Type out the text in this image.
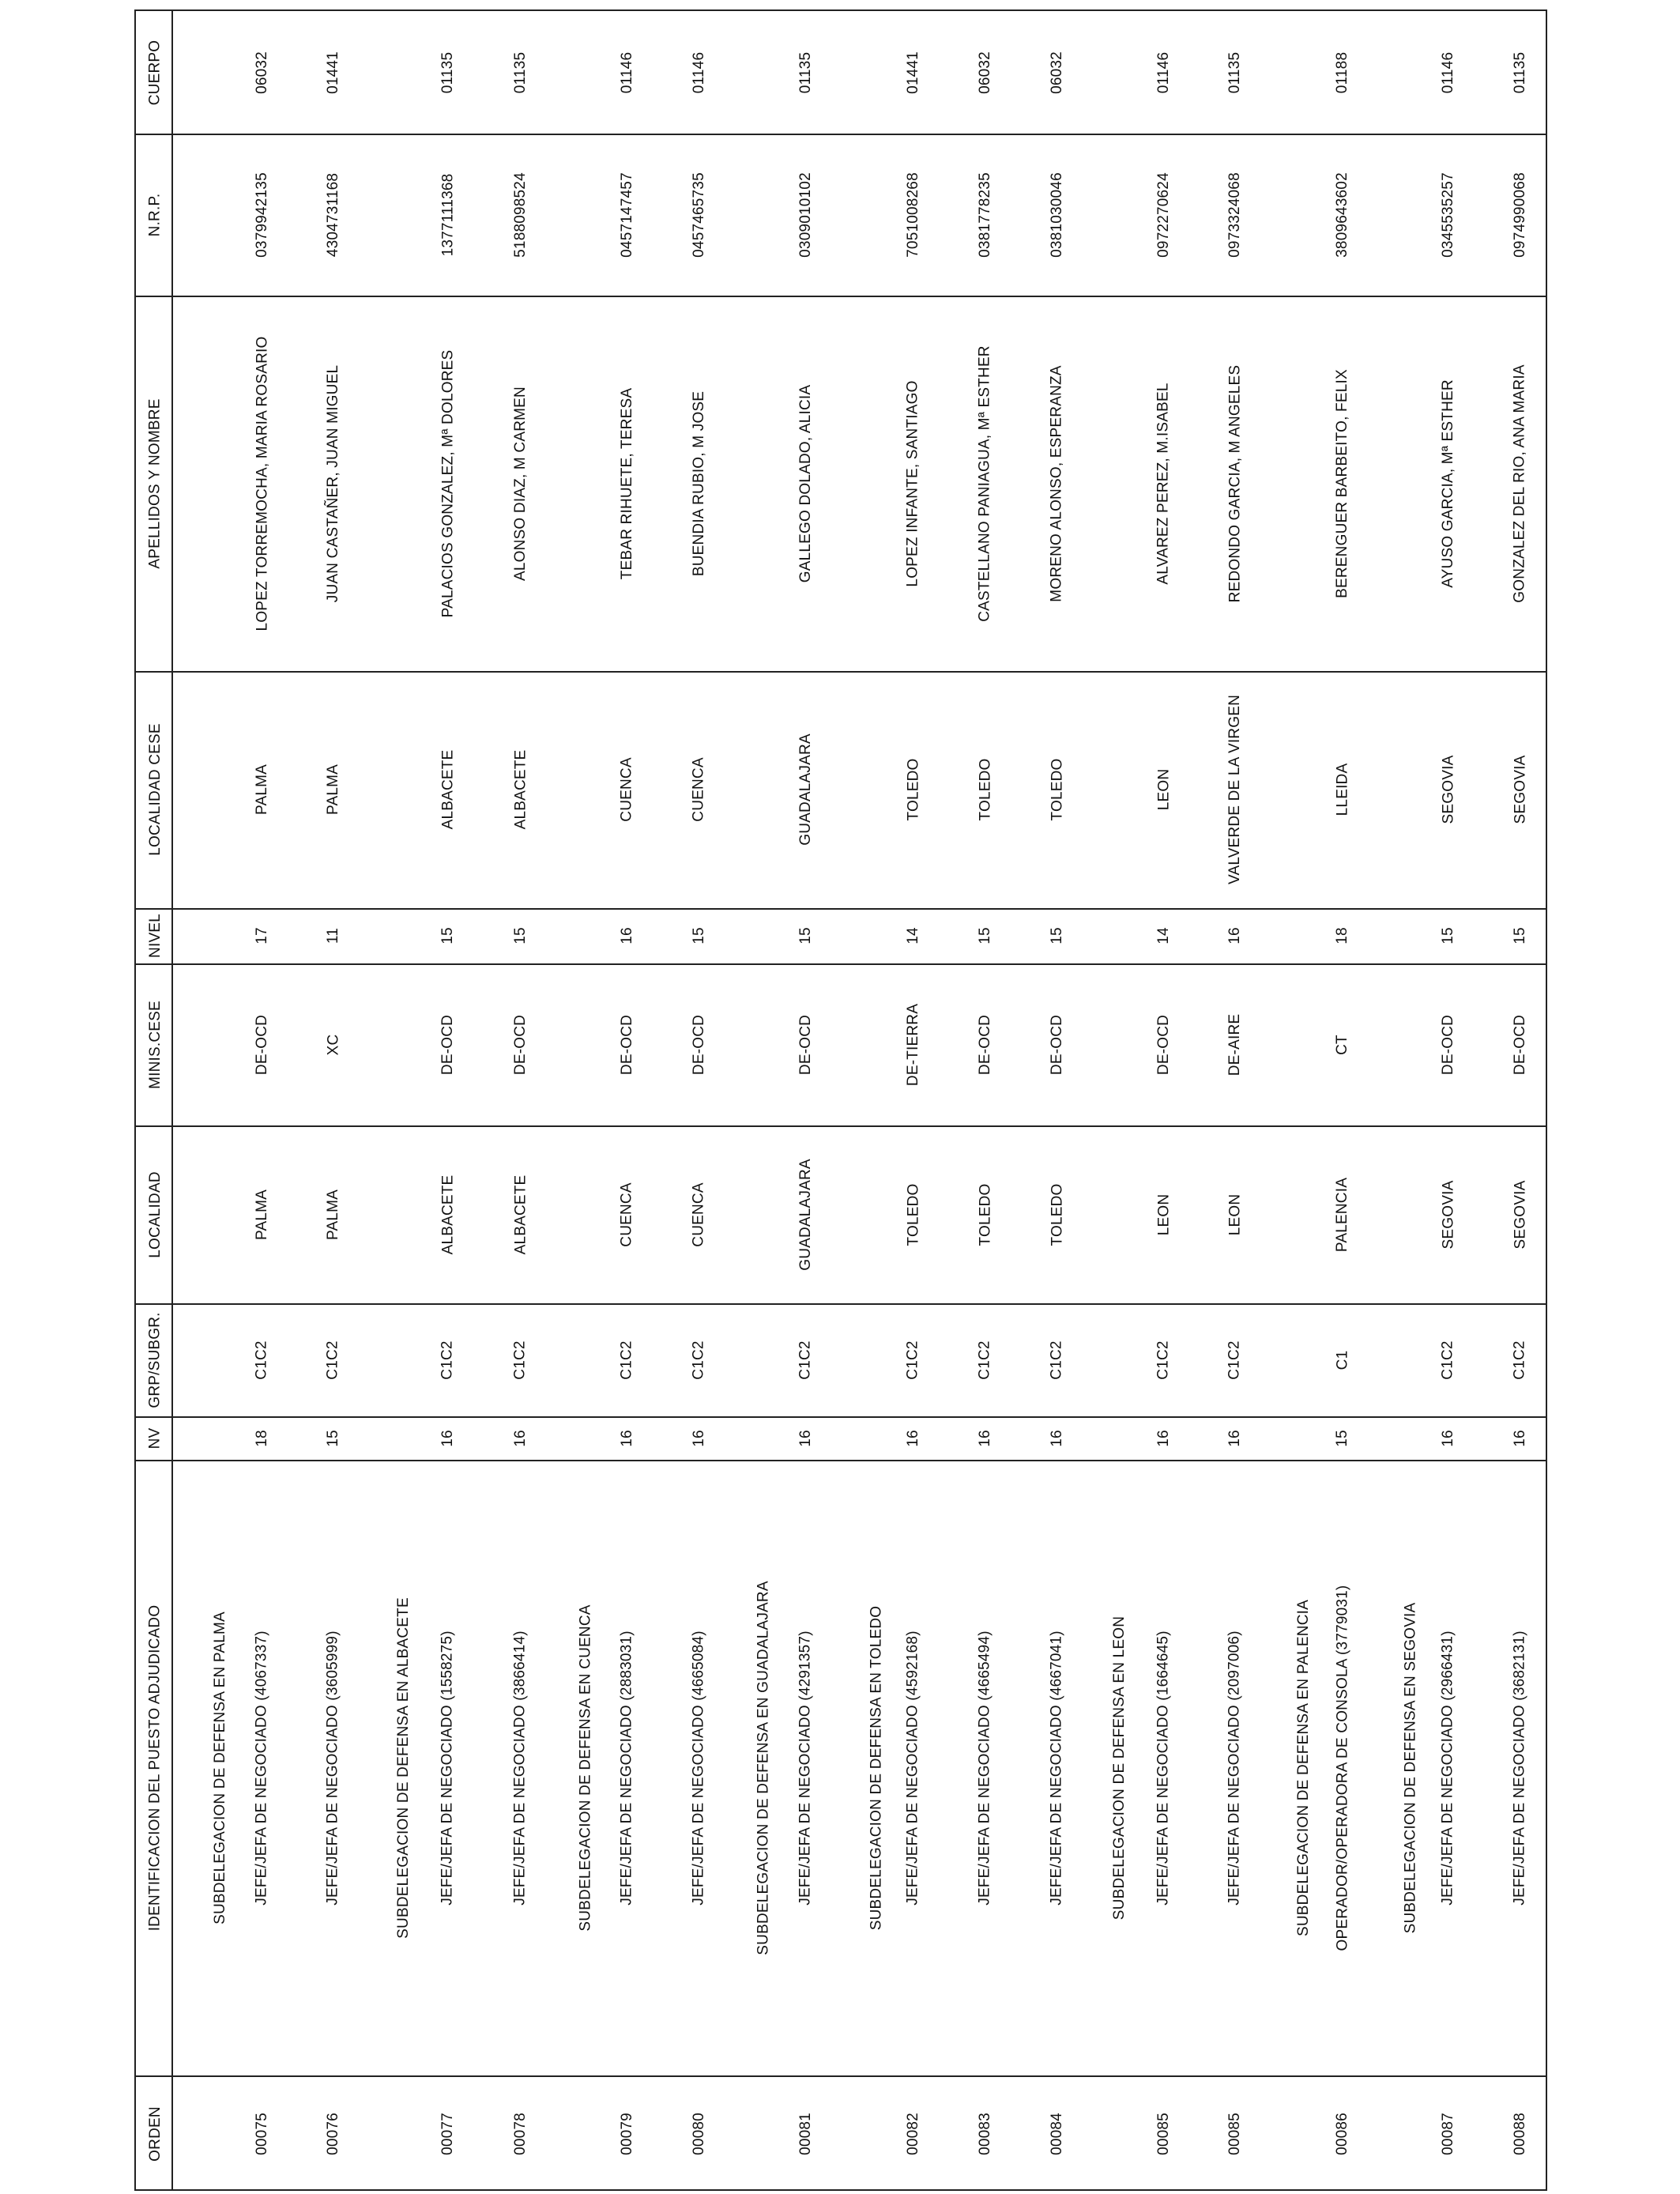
CUERPO
N.R.P.
APELLIDOS Y NOMBRE
LOCALIDAD CESE
NIVEL
MINIS.CESE
LOCALIDAD
GRP/SUBGR.
NV
IDENTIFICACION DEL PUESTO ADJUDICADO
ORDEN
06032
0379942135
LOPEZ TORREMOCHA, MARIA ROSARIO
PALMA
17
DE-OCD
PALMA
C1C2
18
JEFE/JEFA DE NEGOCIADO (4067337)
00075
SUBDELEGACION DE DEFENSA EN PALMA
01441
4304731168
JUAN CASTAÑER, JUAN MIGUEL
PALMA
11
XC
PALMA
C1C2
15
JEFE/JEFA DE NEGOCIADO (3605999)
00076
01135
1377111368
PALACIOS GONZALEZ, Mª DOLORES
ALBACETE
15
DE-OCD
ALBACETE
C1C2
16
JEFE/JEFA DE NEGOCIADO (1558275)
00077
SUBDELEGACION DE DEFENSA EN ALBACETE
01135
5188098524
ALONSO DIAZ, M CARMEN
ALBACETE
15
DE-OCD
ALBACETE
C1C2
16
JEFE/JEFA DE NEGOCIADO (3866414)
00078
01146
0457147457
TEBAR RIHUETE, TERESA
CUENCA
16
DE-OCD
CUENCA
C1C2
16
JEFE/JEFA DE NEGOCIADO (2883031)
00079
SUBDELEGACION DE DEFENSA EN CUENCA
01146
0457465735
BUENDIA RUBIO, M JOSE
CUENCA
15
DE-OCD
CUENCA
C1C2
16
JEFE/JEFA DE NEGOCIADO (4665084)
00080
01135
0309010102
GALLEGO DOLADO, ALICIA
GUADALAJARA
15
DE-OCD
GUADALAJARA
C1C2
16
JEFE/JEFA DE NEGOCIADO (4291357)
00081
SUBDELEGACION DE DEFENSA EN GUADALAJARA
01441
7051008268
LOPEZ INFANTE, SANTIAGO
TOLEDO
14
DE-TIERRA
TOLEDO
C1C2
16
JEFE/JEFA DE NEGOCIADO (4592168)
00082
SUBDELEGACION DE DEFENSA EN TOLEDO
06032
0381778235
CASTELLANO PANIAGUA, Mª ESTHER
TOLEDO
15
DE-OCD
TOLEDO
C1C2
16
JEFE/JEFA DE NEGOCIADO (4665494)
00083
06032
0381030046
MORENO ALONSO, ESPERANZA
TOLEDO
15
DE-OCD
TOLEDO
C1C2
16
JEFE/JEFA DE NEGOCIADO (4667041)
00084
01146
0972270624
ALVAREZ PEREZ, M.ISABEL
LEON
14
DE-OCD
LEON
C1C2
16
JEFE/JEFA DE NEGOCIADO (1664645)
00085
SUBDELEGACION DE DEFENSA EN LEON
01135
0973324068
REDONDO GARCIA, M ANGELES
VALVERDE DE LA VIRGEN
16
DE-AIRE
LEON
C1C2
16
JEFE/JEFA DE NEGOCIADO (2097006)
00085
01188
3809643602
BERENGUER BARBEITO, FELIX
LLEIDA
18
CT
PALENCIA
C1
15
OPERADOR/OPERADORA DE CONSOLA (3779031)
00086
SUBDELEGACION DE DEFENSA EN PALENCIA
01146
0345535257
AYUSO GARCIA, Mª ESTHER
SEGOVIA
15
DE-OCD
SEGOVIA
C1C2
16
JEFE/JEFA DE NEGOCIADO (2966431)
00087
SUBDELEGACION DE DEFENSA EN SEGOVIA
01135
0974990068
GONZALEZ DEL RIO, ANA MARIA
SEGOVIA
15
DE-OCD
SEGOVIA
C1C2
16
JEFE/JEFA DE NEGOCIADO (3682131)
00088
